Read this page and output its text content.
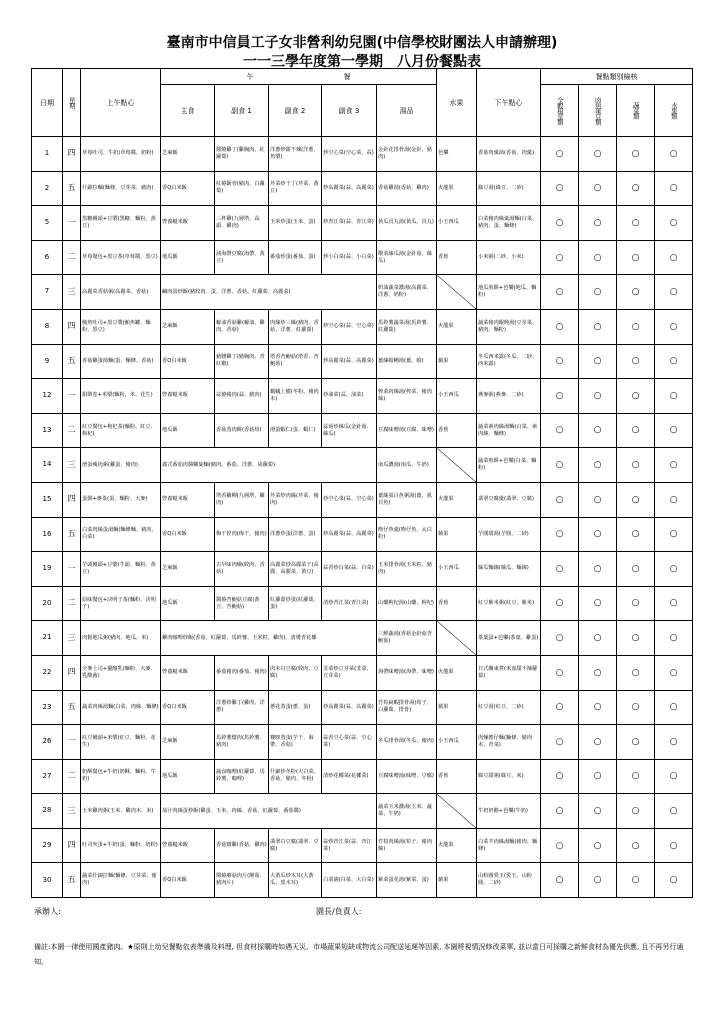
臺南市中信員工子女非營利幼兒園(中信學校財團法人申請辦理)
一一三學年度第一學期　八月份餐點表
日期	星期	上午點心	午 餐					水果	下午點心	餐點類別檢核			
			主食	副食 1	副食 2	副食 3	湯品			全穀根莖類	肉魚蛋豆類	蔬菜類	水果類

1	四	草莓吐司、牛奶(草莓醬、奶粉)	芝麻飯	醬燒雞丁(雞胸肉、紅蘿蔔)	洋蔥炒甜不辣(洋蔥、魚漿)	炒空心菜(空心菜、蒜)	金針花排骨湯(金針、豬肉)	芭樂	香菇肉羹湯(香菇、肉羹)	○	○	○	○
2	五	什錦拉麵(麵條、豆芽菜、豬肉)	香Q白米飯	紅燒飯骨(豬肉、白蘿蔔)	芹菜炒干丁(芹菜、黃豆)	炒高麗菜(蒜、高麗菜)	香菇雞湯(香菇、雞肉)	火龍果	綠豆湯(綠豆、二砂)	○	○	○	○
5	一	黑糖饅頭+豆漿(黑糖、麵粉、黃豆)	營養糙米飯	三杯雞(九層塔、蒜頭、雞肉)	玉米炒蛋(玉米、蛋)	炒青江菜(蒜、青江菜)	黃瓜貢丸湯(黃瓜、貢丸)	小玉西瓜	白菜豬肉絲羹湯麵(白菜、豬肉、蛋、麵條)	○	○	○	○
6	二	草莓餐包+黑豆茶(草莓醬、黑豆)	地瓜飯	滷海帶豆腐(海帶、黃豆)	番茄炒蛋(番茄、蛋)	炒小白菜(蒜、小白菜)	酸菜絲瓜湯(金針菇、絲瓜)	香蕉	小米粥(二砂、小米)	○	○	○	○
7	三	高麗菜香菇粥(高麗菜、香菇)	鹹肉蛋炒飯(豬絞肉、蛋、洋蔥、香菇、紅蘿蔔、高麗菜)				奶油蔬菜濃湯(高麗菜、洋蔥、奶粉)		地瓜煎餅+芭樂(地瓜、麵粉)	○	○	○	○
8	四	鮪魚吐司+黑豆漿(鮪魚罐、麵粉、黑豆)	芝麻飯	蠔油香菇雞(蠔油、雞肉、香菇)	肉絲炒三絲(豬肉、香菇、洋蔥、紅蘿蔔)	炒空心菜(蒜、空心菜)	馬鈴薯蔬菜湯(馬鈴薯、紅蘿蔔)	火龍果	蔬菜豬肉餛飩湯(豆芽菜、豬肉、麵粉)	○	○	○	○
9	五	香菇雞蛋湯麵(蛋、麵條、香菇)	香Q白米飯	豬腰雞丁(豬胸肉、青紅椒)	塔香杏鮑菇(塔香、杏鮑菇)	炒高麗菜(蒜、高麗菜)	薑絲蛤蜊湯(薑、蛤)	蘋果	冬瓜西米露(冬瓜、二砂、西米露)	○	○	○	○
12	一	甜餅卷+米漿(麵粉、米、花生)	營養糙米飯	蒜燒豬肉(蒜、豬肉)	螞蟻上樹(冬粉、豬肉末)	炒油菜(蒜、油菜)	榨菜肉絲湯(榨菜、豬肉絲)	小玉西瓜	燕麥粥(燕麥、二砂)	○	○	○	○
13	二	紅豆餐包+枸杞茶(麵粉、紅豆、枸杞)	地瓜飯	香菇蒸肉餅(香菇絞)	滑蛋蝦仁(蛋、蝦仁)	蒜菇炒絲瓜(金針菇、絲瓜)	豆腐味噌湯(豆腐、味噌)	香蕉	蔬菜素肉絲湯麵(白菜、素肉絲、麵條)	○	○	○	○
14	三	滑蛋瘦肉粥(雞蛋、豬肉)	義式番茄肉醬螺旋麵(豬肉、番茄、洋蔥、胡蘿蔔)				南瓜濃湯(南瓜、牛奶)		蔬菜煎餅+芭樂(白菜、麵粉)	○	○	○	○
15	四	蛋餅+麥茶(蛋、麵粉、大麥)	營養糙米飯	塔香雞柳(九層塔、雞肉)	芹菜炒肉絲(芹菜、豬肉)	炒空心菜(蒜、空心菜)	薑絲虱目魚粥湯(薑、虱目魚)	火龍果	翡翠豆腐羹(翡翠、豆腐)	○	○	○	○
16	五	白菜肉絲蛋湯麵(麵條麵、豬肉、白菜)	香Q白米飯	梅干控肉(梅干、豬肉)	洋蔥炒蛋(洋蔥、蛋)	炒高麗菜(蒜、高麗菜)	吻仔魚羹(吻仔魚、太白粉)	蘋果	芋圓甜湯(芋圓、二砂)	○	○	○	○
19	一	芋頭饅頭+豆漿(芋頭、麵粉、黃豆)	芝麻飯	古早味肉燥(絞肉、香菇)	高麗菜炒高麗菜干(高麗、高麗菜、黃豆)	蒜香炒白菜(蒜、白菜)	玉米排骨湯(玉米粒、豬肉)	小玉西瓜	絲瓜麵線(絲瓜、麵線)	○	○	○	○
20	二	原味餐包+決明子茶(麵粉、決明子)	地瓜飯	醬燒杏鮑菇豆腐(黃豆、杏鮑菇)	紅蘿蔔炒蛋(紅蘿蔔、蛋)	清炒青江菜(青江菜)	山藥枸杞湯(山藥、枸杞)	香蕉	紅豆紫米粥(紅豆、紫米)	○	○	○	○
21	三	肉鬆地瓜粥(豬肉、地瓜、米)	雞肉咖哩炒飯(香菇、紅蘿蔔、馬鈴薯、玉米粒、雞肉)、清燙青花椰				三鮮蔬湯(香菇金針菇杏鮑菇)		茶葉蛋+芭樂(茶葉、雞蛋)	○	○	○	○
22	四	全麥土司+優酪乳(麵粉、大麥、乳酸菌)	營養糙米飯	番茄豬肉(番茄、豬肉)	肉末白豆腐(絞肉、豆腐)	韭菜炒豆芽菜(韭菜、豆芽菜)	海帶味噌湯(海帶、味噌)	火龍果	日式關東煮(米血甜不辣蘿蔔)	○	○	○	○
23	五	蔬菜肉絲湯麵(白菜、肉絲、麵條)	香Q白米飯	洋蔥炒雞丁(雞肉、洋蔥)	蔥花蒸蛋(蔥、蛋)	炒高麗菜(蒜、高麗菜)	竹筍扁蝦排骨湯(筍子、白蘿蔔、排骨)	蘋果	紅豆湯(紅豆、二砂)	○	○	○	○
26	一	紅豆饅頭+米漿(紅豆、麵粉、花生)	芝麻飯	馬鈴薯燉肉(馬鈴薯、豬肉)	賽咪蒸蛋(芋干、海帶、香菇)	蒜香空心菜(蒜、空心菜)	冬瓜排骨湯(冬瓜、豬肉)	小玉西瓜	肉燥擔仔麵(麵條、豬肉末、青菜)	○	○	○	○
27	二	奶酥餐包+牛奶(奶酥、麵粉、牛奶)	地瓜飯	蔬食咖哩(紅蘿蔔、馬鈴薯、咖哩)	什錦炒冬粉(大白菜、香菇、豬肉、冬粉)	清炒花椰菜(花椰菜)	豆腐味噌湯(味噌、豆腐)	香蕉	綠豆甜粥(綠豆、米)	○	○	○	○
28	三	玉米雞肉粥(玉米、雞肉末、米)	茄汁肉絲蛋炒飯(雞蛋、玉米、肉絲、香菇、紅蘿蔔、番茄醬)				蔬菜玉米濃湯(玉米、蔬菜、牛奶)		牛奶奶酪+芭樂(牛奶)	○	○	○	○
29	四	吐司夾蛋+牛奶(蛋、麵粉、奶粉)	營養糙米飯	香菇燉雞(香菇、雞肉)	翡翠白豆腐(翡翠、豆腐)	蒜炒青江菜(蒜、青江菜)	竹筍肉絲湯(筍子、豬肉絲)	火龍果	白菜羊肉絲湯麵(豬肉、麵條)	○	○	○	○
30	五	蔬菜什錦拉麵(麵條、豆芽菜、豬肉)	香Q白米飯	醬燒蘑菇肉片(蘑菇、豬肉片)	大黃瓜炒木耳(大黃瓜、黑木耳)	白菜滷(白菜、大白菜)	紫菜蛋花湯(紫菜、蛋)	蘋果	山粉圓愛玉(愛玉、山粉圓、二砂)	○	○	○	○
承辦人:	園長/負責人:
備註:本園一律使用國產豬肉。★原則上幼兒餐點依表準備及料理, 但食材採購時如遇天災、市場蔬果短缺或物流公司配送延遲等因素, 本園將視情況修改菜單, 並以當日可採購之新鮮食材為優先供應, 且不再另行通知。
